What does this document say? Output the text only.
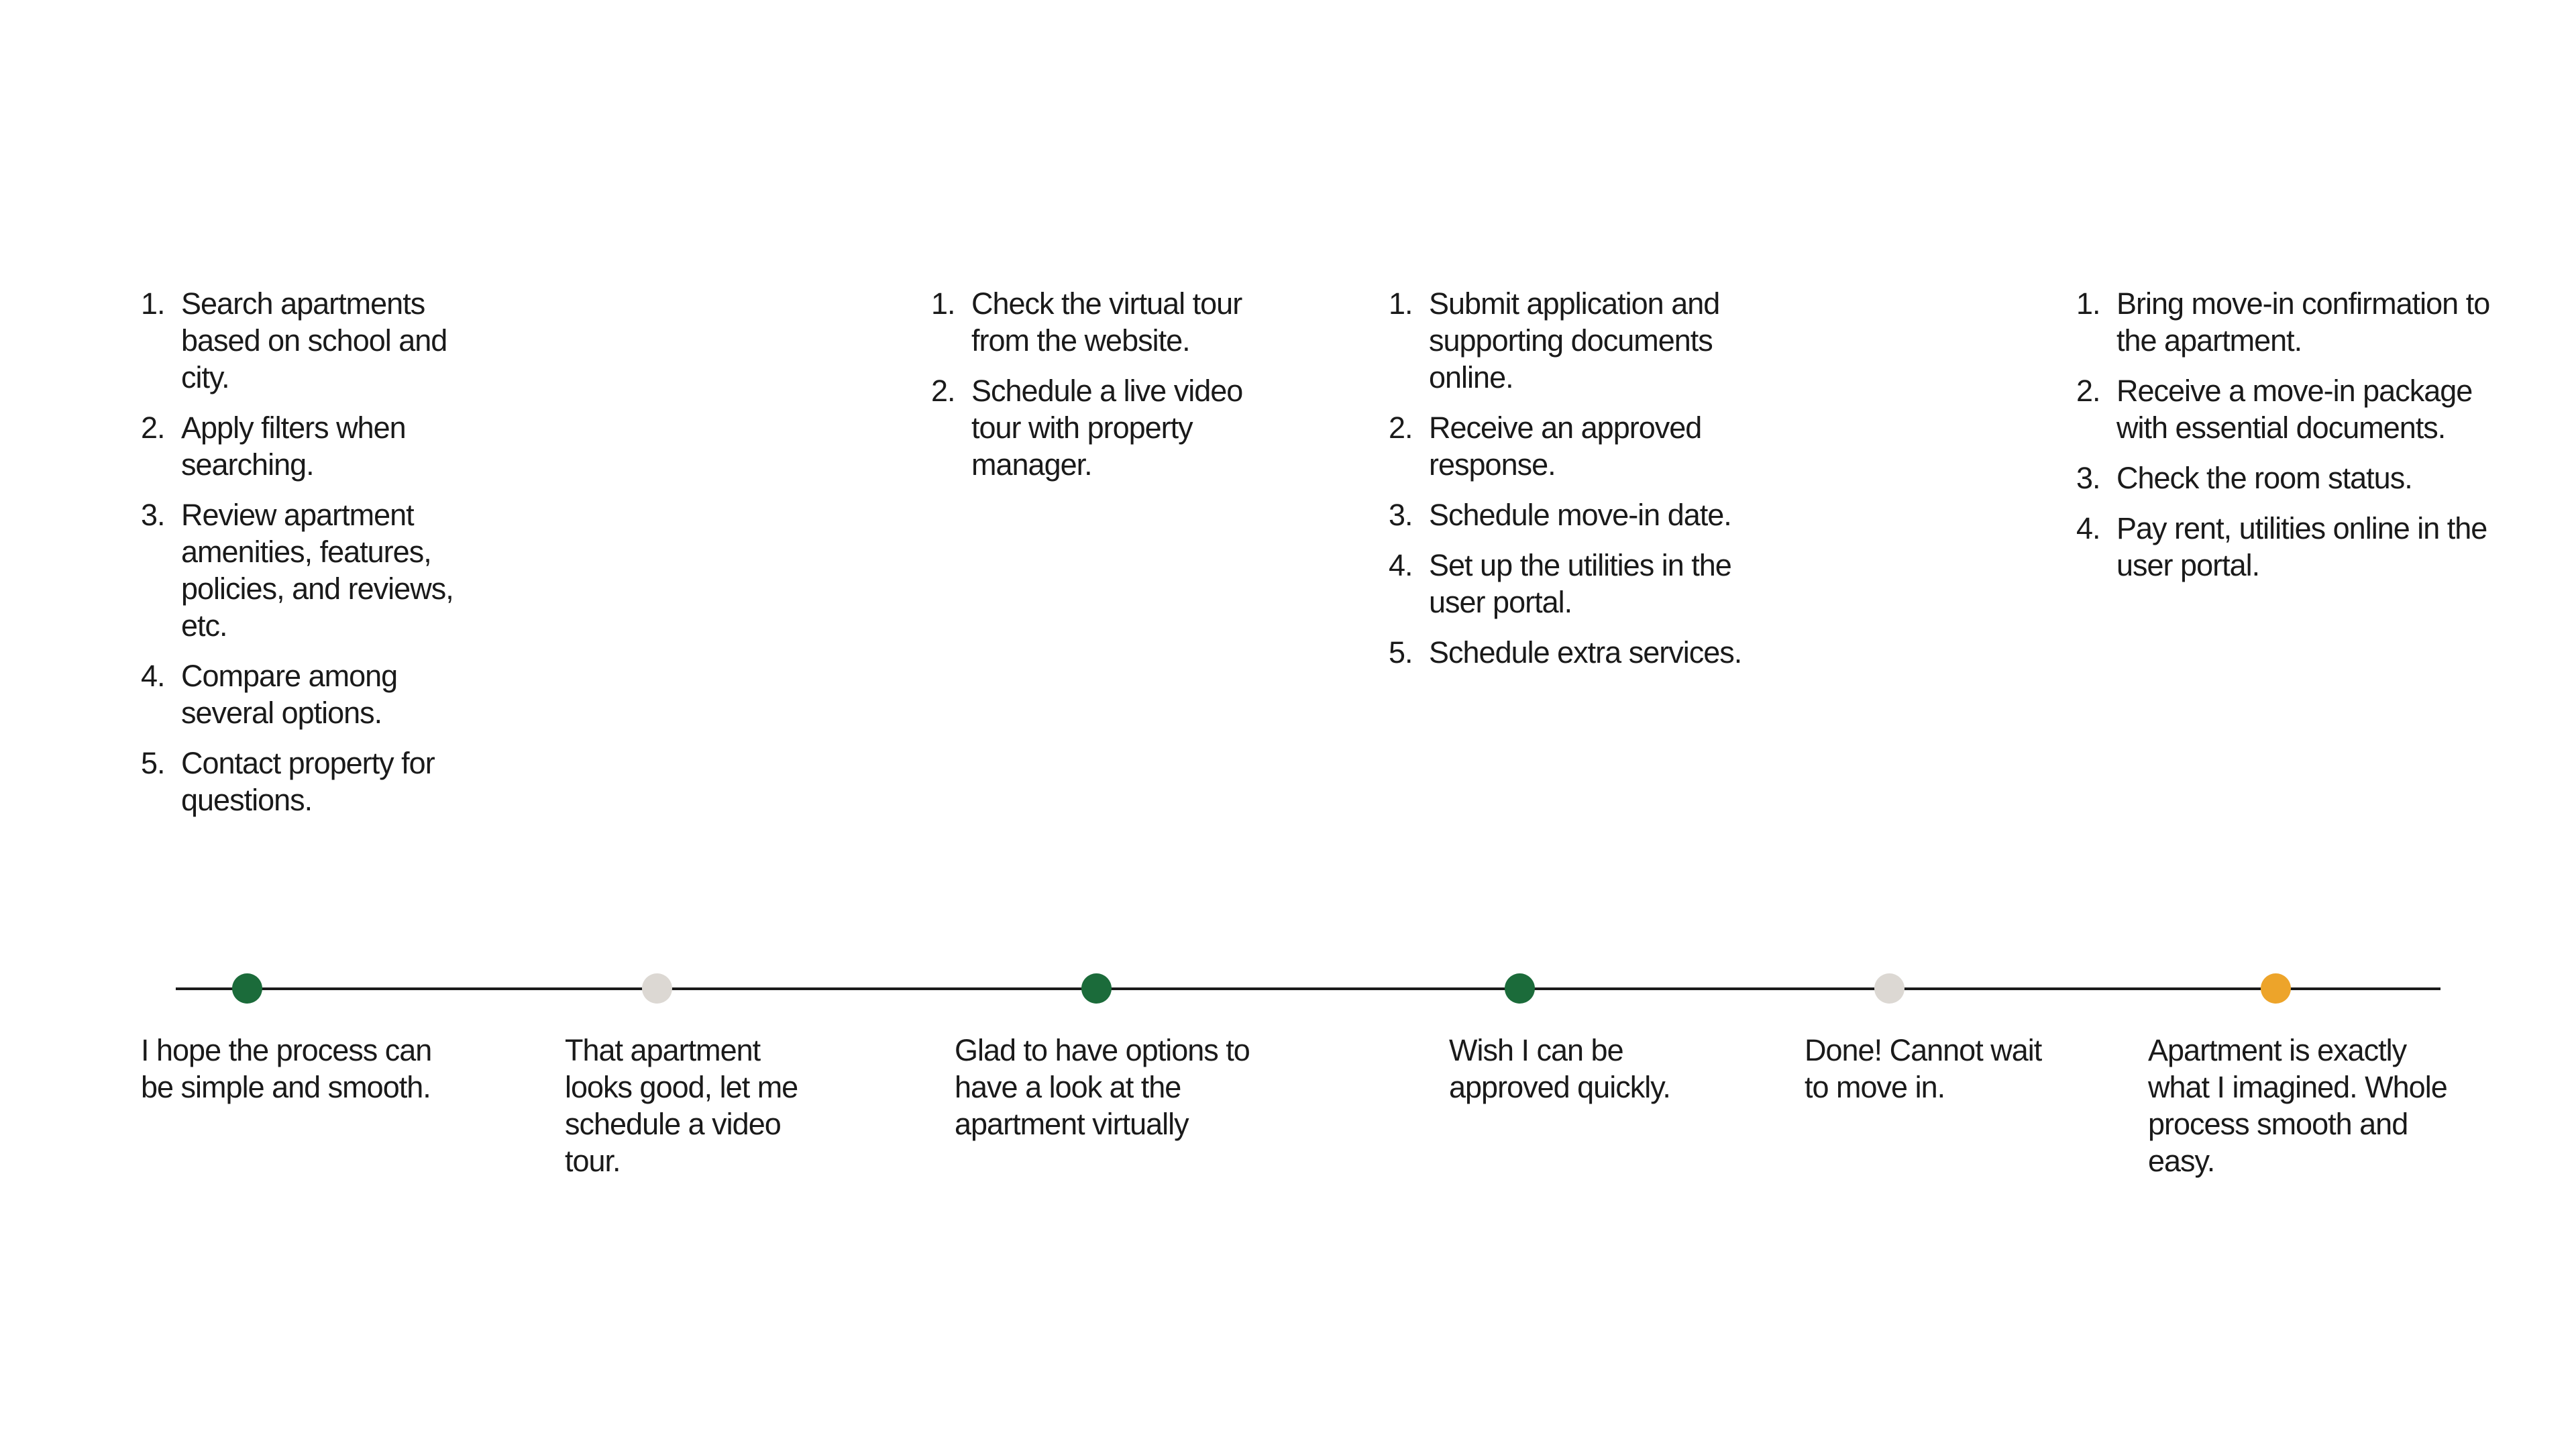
1. Search apartments based on school and city.
2. Apply filters when searching.
3. Review apartment amenities, features, policies, and reviews, etc.
4. Compare among several options.
5. Contact property for questions.
1. Check the virtual tour from the website.
2. Schedule a live video tour with property manager.
1. Submit application and supporting documents online.
2. Receive an approved response.
3. Schedule move-in date.
4. Set up the utilities in the user portal.
5. Schedule extra services.
1. Bring move-in confirmation to the apartment.
2. Receive a move-in package with essential documents.
3. Check the room status.
4. Pay rent, utilities online in the user portal.
I hope the process can be simple and smooth.
That apartment looks good, let me schedule a video tour.
Glad to have options to have a look at the apartment virtually
Wish I can be approved quickly.
Done! Cannot wait to move in.
Apartment is exactly what I imagined. Whole process smooth and easy.
